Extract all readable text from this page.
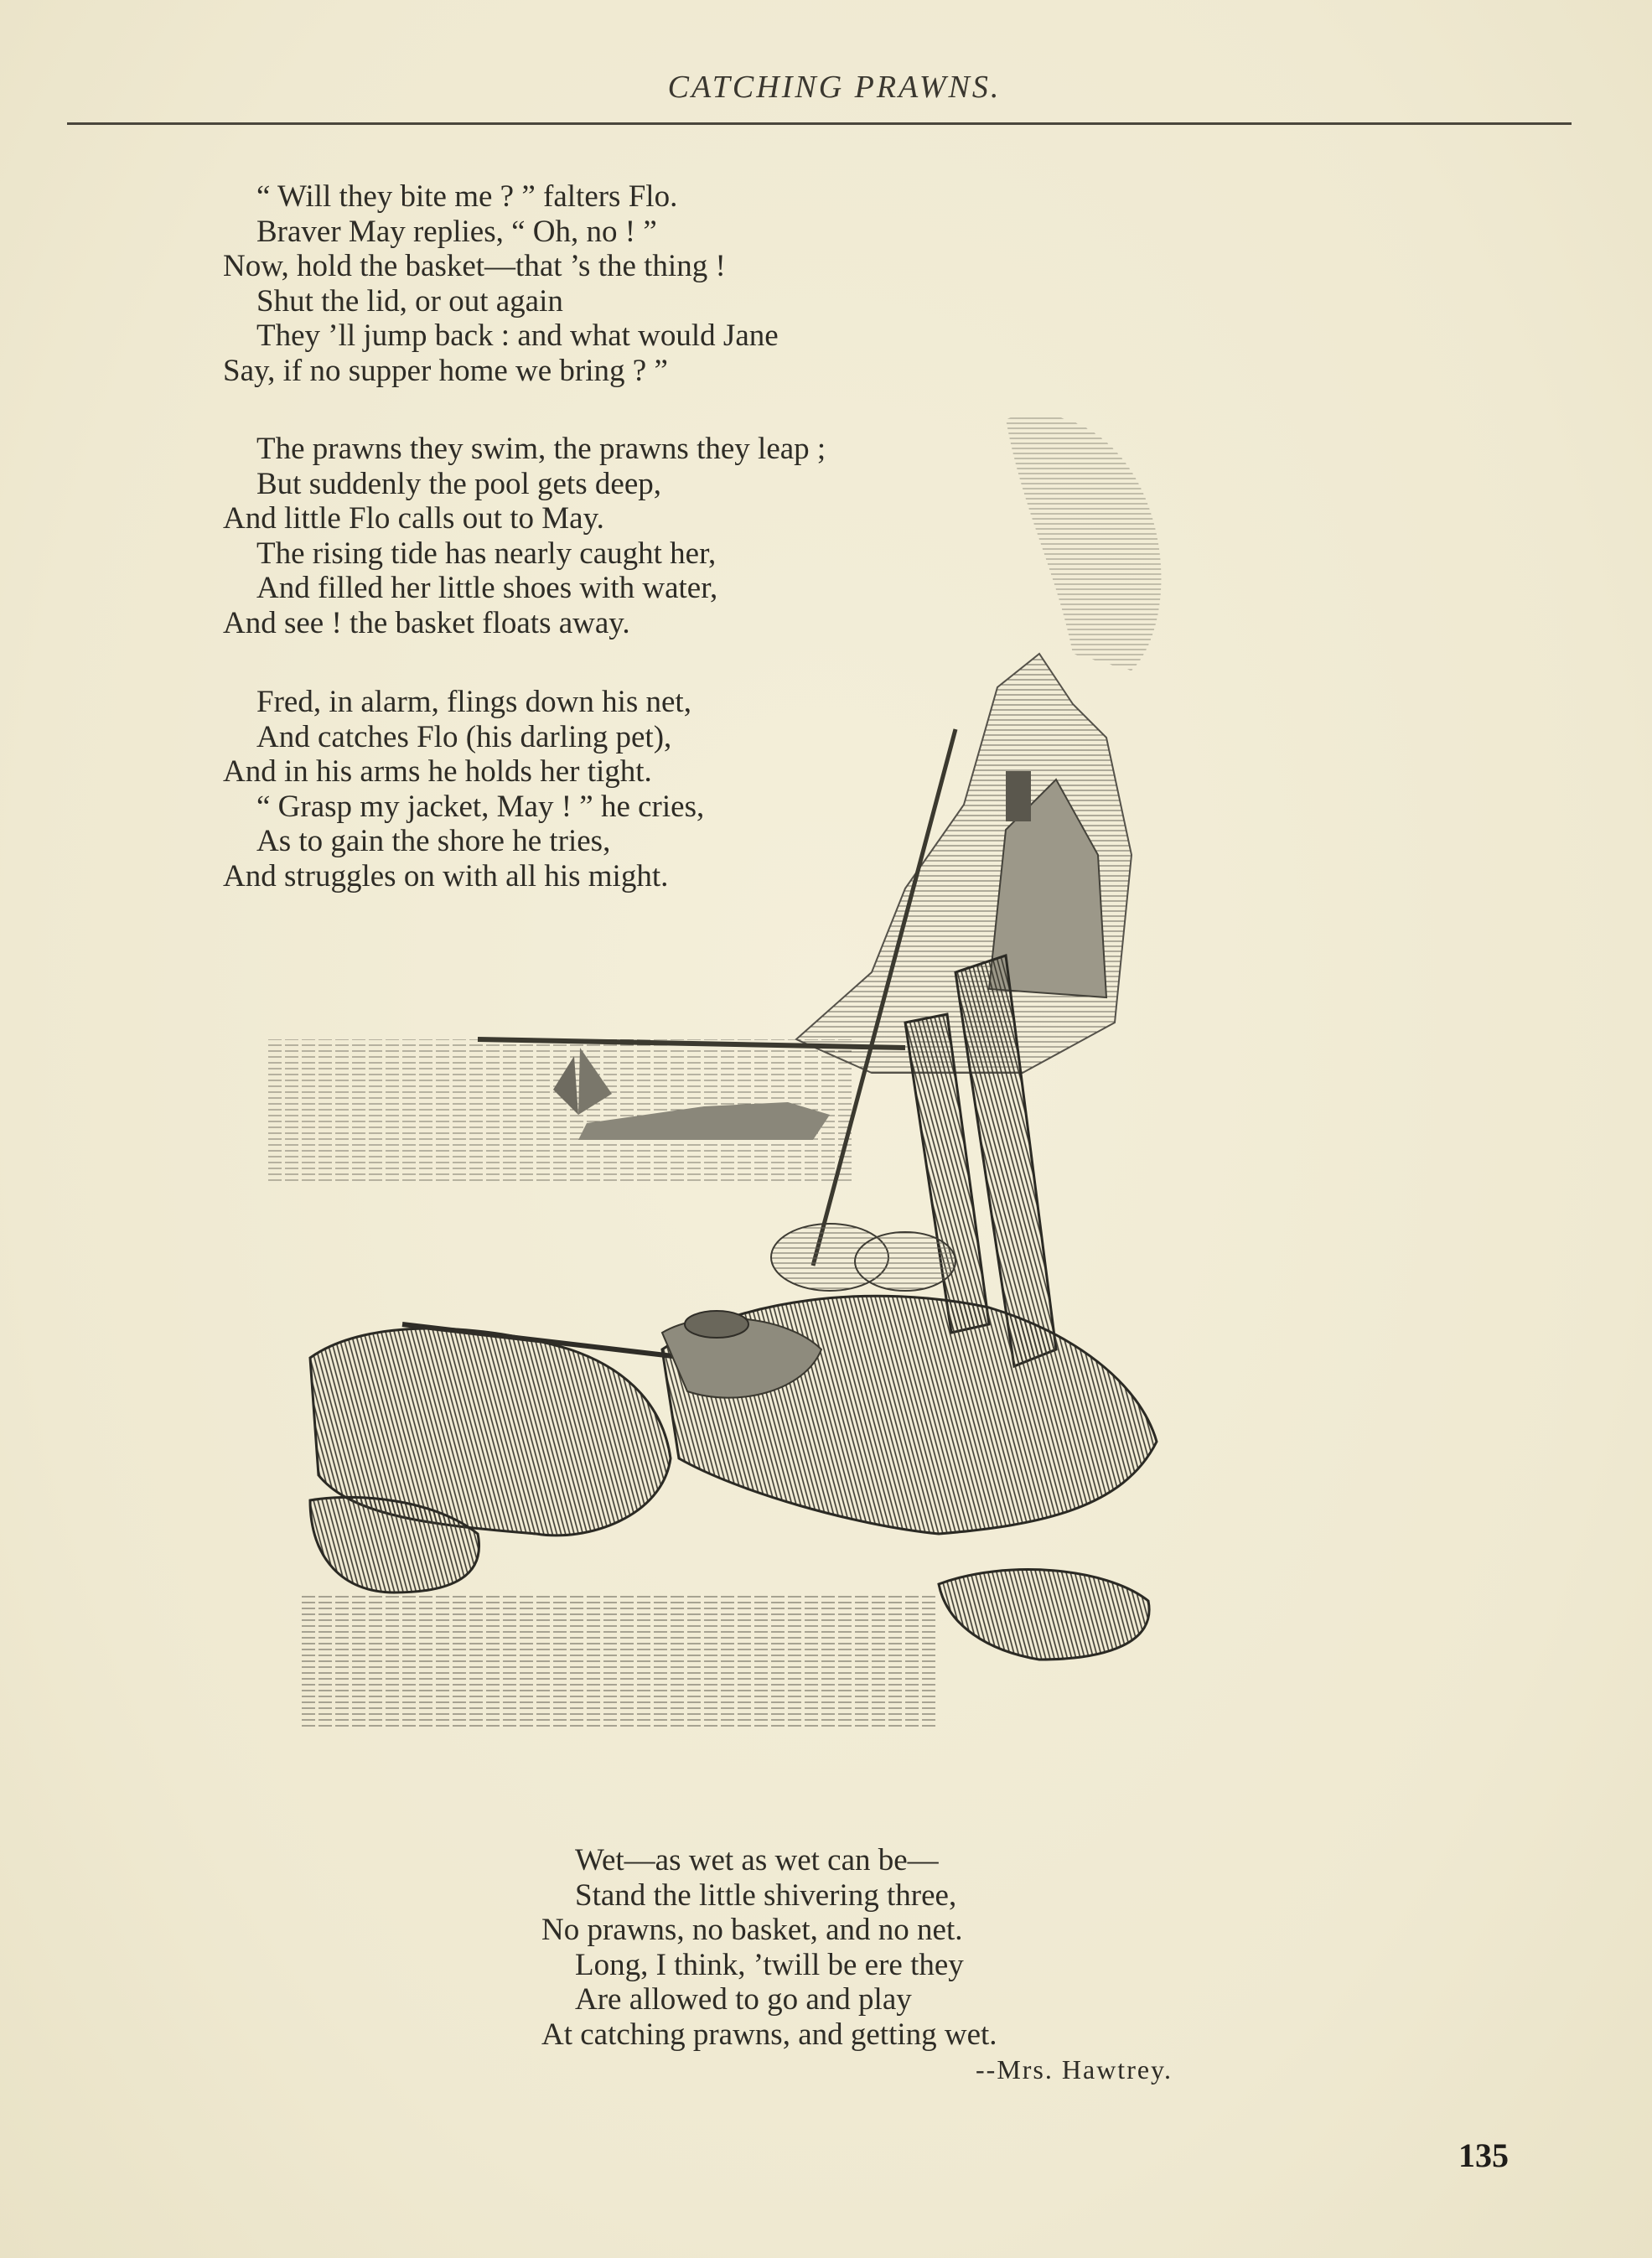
CATCHING PRAWNS.
“ Will they bite me ? ” falters Flo.
Braver May replies, “ Oh, no ! ”
Now, hold the basket—that ’s the thing !
Shut the lid, or out again
They ’ll jump back : and what would Jane
Say, if no supper home we bring ? ”
The prawns they swim, the prawns they leap ;
But suddenly the pool gets deep,
And little Flo calls out to May.
The rising tide has nearly caught her,
And filled her little shoes with water,
And see ! the basket floats away.
Fred, in alarm, flings down his net,
And catches Flo (his darling pet),
And in his arms he holds her tight.
“ Grasp my jacket, May ! ” he cries,
As to gain the shore he tries,
And struggles on with all his might.
Wet—as wet as wet can be—
Stand the little shivering three,
No prawns, no basket, and no net.
Long, I think, ’twill be ere they
Are allowed to go and play
At catching prawns, and getting wet.
--Mrs. Hawtrey.
135
